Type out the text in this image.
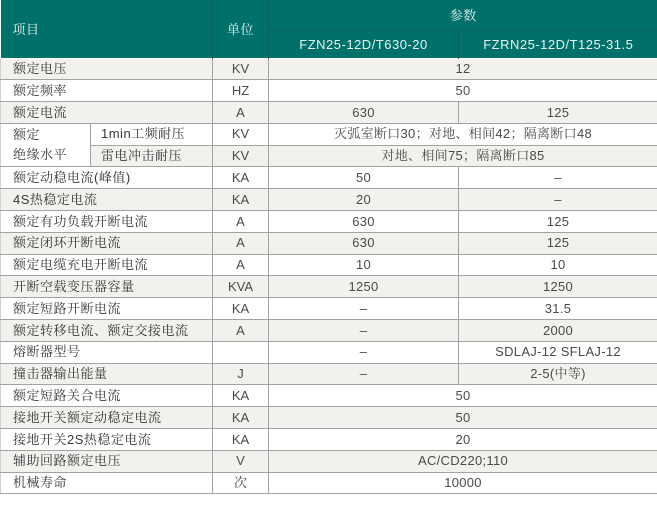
项目		单位	参数	
			FZN25-12D/T630-20	FZRN25-12D/T125-31.5
额定电压		KV	12	
额定频率		HZ	50	
额定电流		A	630	125
额定
绝缘水平	1min工频耐压	KV	灭弧室断口30；对地、相间42；隔离断口48	
	雷电冲击耐压	KV	对地、相间75；隔离断口85	
额定动稳电流(峰值)		KA	50	–
4S热稳定电流		KA	20	–
额定有功负载开断电流		A	630	125
额定闭环开断电流		A	630	125
额定电缆充电开断电流		A	10	10
开断空载变压器容量		KVA	1250	1250
额定短路开断电流		KA	–	31.5
额定转移电流、额定交接电流		A	–	2000
熔断器型号			–	SDLAJ-12 SFLAJ-12
撞击器输出能量		J	–	2-5(中等)
额定短路关合电流		KA	50	
接地开关额定动稳定电流		KA	50	
接地开关2S热稳定电流		KA	20	
辅助回路额定电压		V	AC/CD220;110	
机械寿命		次	10000	
